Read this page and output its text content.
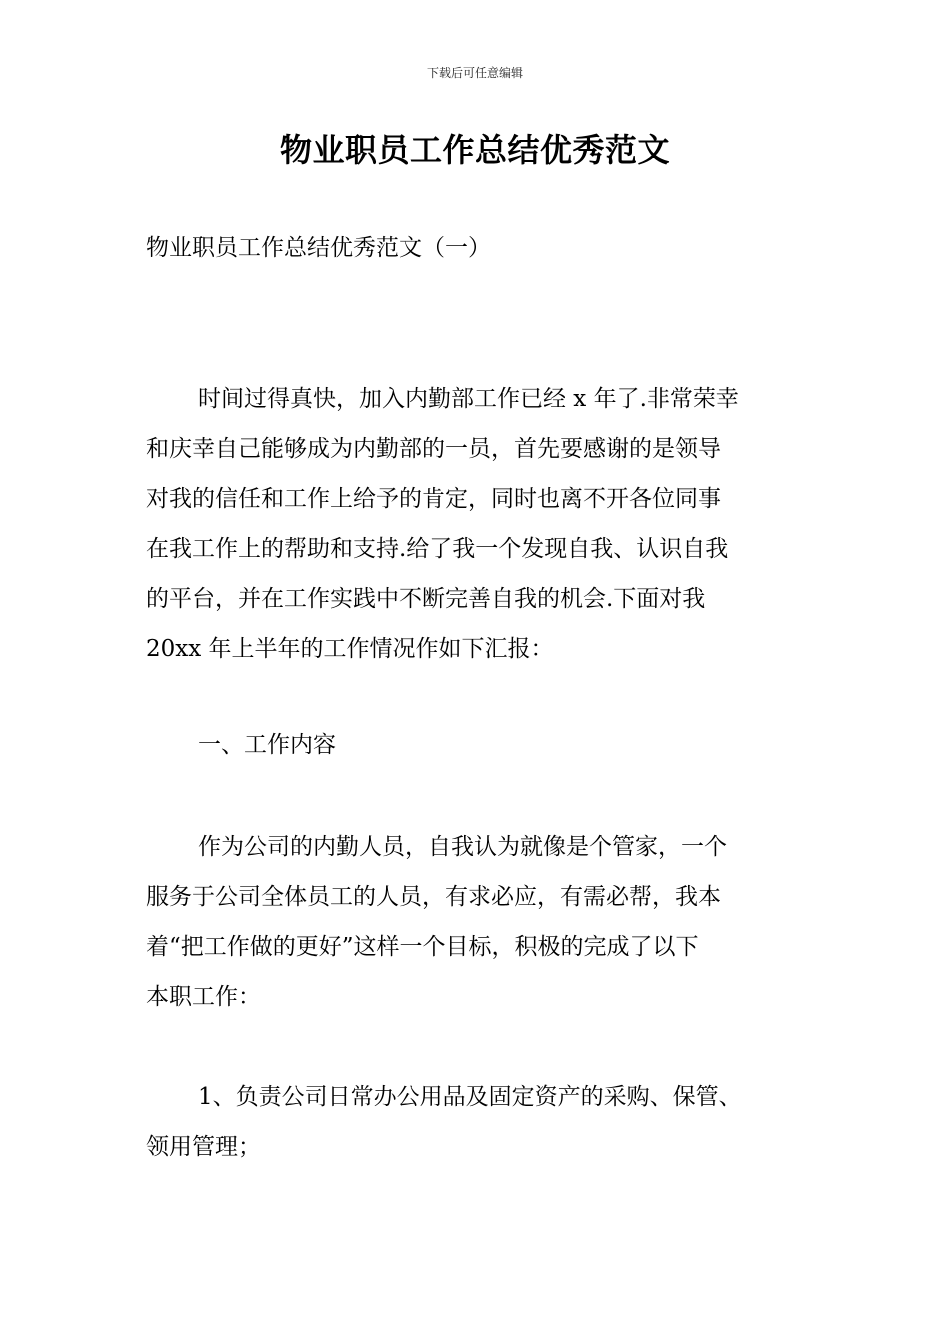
下载后可任意编辑
物业职员工作总结优秀范文
物业职员工作总结优秀范文（一）
时间过得真快，加入内勤部工作已经 x 年了.非常荣幸
和庆幸自己能够成为内勤部的一员，首先要感谢的是领导
对我的信任和工作上给予的肯定，同时也离不开各位同事
在我工作上的帮助和支持.给了我一个发现自我、认识自我
的平台，并在工作实践中不断完善自我的机会.下面对我
20xx 年上半年的工作情况作如下汇报：
一、工作内容
作为公司的内勤人员，自我认为就像是个管家，一个
服务于公司全体员工的人员，有求必应，有需必帮，我本
着“把工作做的更好”这样一个目标，积极的完成了以下
本职工作：
1、负责公司日常办公用品及固定资产的采购、保管、
领用管理；
